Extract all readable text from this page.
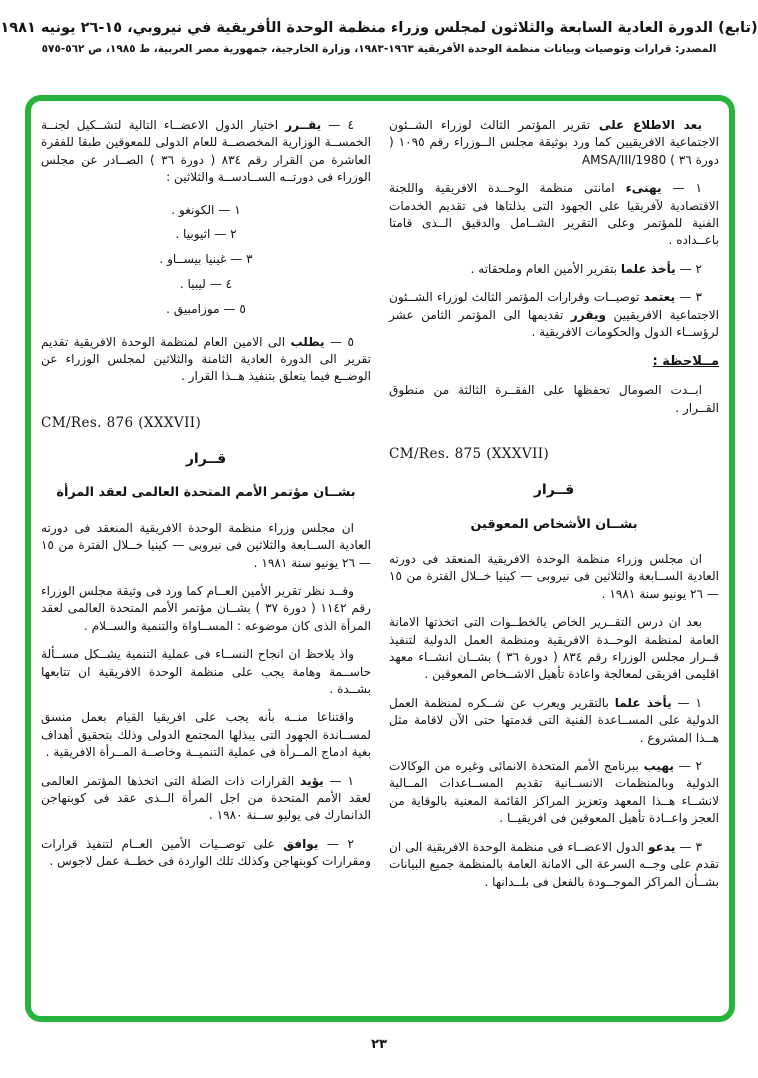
(تابع) الدورة العادية السابعة والثلاثون لمجلس وزراء منظمة الوحدة الأفريقية في نيروبي، ١٥-٢٦ يونيه ١٩٨١
المصدر: قرارات وتوصيات وبيانات منظمة الوحدة الأفريقية ١٩٦٣-١٩٨٣، وزارة الخارجية، جمهورية مصر العربية، ط ١٩٨٥، ص ٥٦٢-٥٧٥
بعد الاطلاع على تقرير المؤتمر الثالث لوزراء الشــئون الاجتماعية الافريقيين كما ورد بوثيقة مجلس الــوزراء رقم ١٠٩٥ ( دورة ٣٦ ) AMSA/III/1980
١ — يهنىء امانتى منظمة الوحــدة الافريقية واللجنة الاقتصادية لآفريقيا على الجهود التى بذلتاها فى تقديم الخدمات الفنية للمؤتمر وعلى التقرير الشــامل والدقيق الــذى قامتا باعــداده .
٢ — يأخذ علما بتقرير الأمين العام وملحقاته .
٣ — يعتمد توصيــات وقرارات المؤتمر الثالث لوزراء الشــئون الاجتماعية الافريقيين ويقرر تقديمها الى المؤتمر الثامن عشر لرؤســاء الدول والحكومات الافريقية .
مــلاحظة :
ابــدت الصومال تحفظها على الفقــرة الثالثة من منطوق القــرار .
CM/Res. 875 (XXXVII)
قــرار
بشــان الأشخاص المعوقين
ان مجلس وزراء منظمة الوحدة الافريقية المنعقد فى دورته العادية الســابعة والثلاثين فى نيروبى — كينيا خــلال الفترة من ١٥ — ٢٦ يونيو سنة ١٩٨١ .
بعد ان درس التقــرير الخاص بالخطــوات التى اتخذتها الامانة العامة لمنظمة الوحــدة الافريقية ومنظمة العمل الدولية لتنفيذ قــرار مجلس الوزراء رقم ٨٣٤ ( دورة ٣٦ ) بشــان انشــاء معهد اقليمى افريقى لمعالجة واعادة تأهيل الاشــخاص المعوقين .
١ — يأخذ علما بالتقرير ويعرب عن شــكره لمنظمة العمل الدولية على المســاعدة الفنية التى قدمتها حتى الآن لاقامة مثل هــذا المشروع .
٢ — يهيب ببرنامج الأمم المتحدة الانمائى وغيره من الوكالات الدولية وبالمنظمات الانســانية تقديم المســاعدات المــالية لانشــاء هــذا المعهد وتعزيز المراكز القائمة المعنية بالوقاية من العجز واعــادة تأهيل المعوقين فى افريقيــا .
٣ — يدعو الدول الاعضــاء فى منظمة الوحدة الافريقية الى ان تقدم على وجــه السرعة الى الامانة العامة بالمنظمة جميع البيانات بشــأن المراكز الموجــودة بالفعل فى بلــدانها .
٤ — يقــرر اختيار الدول الاعضــاء التالية لتشــكيل لجنــة الخمســة الوزارية المخصصــة للعام الدولى للمعوقين طبقا للفقرة العاشرة من القرار رقم ٨٣٤ ( دورة ٣٦ ) الصــادر عن مجلس الوزراء فى دورتــه الســادســة والثلاثين :
١ — الكونغو .
٢ — اثيوبيا .
٣ — غينيا بيســاو .
٤ — ليبيا .
٥ — موزامبيق .
٥ — يطلب الى الامين العام لمنظمة الوحدة الافريقية تقديم تقرير الى الدورة العادية الثامنة والثلاثين لمجلس الوزراء عن الوضــع فيما يتعلق بتنفيذ هــذا القرار .
CM/Res. 876 (XXXVII)
قــرار
بشــان مؤتمر الأمم المتحدة العالمى لعقد المرأة
ان مجلس وزراء منظمة الوحدة الافريقية المنعقد فى دورته العادية الســابعة والثلاثين فى نيروبى — كينيا خــلال الفترة من ١٥ — ٢٦ يونيو سنة ١٩٨١ .
وقــد نظر تقرير الأمين العــام كما ورد فى وثيقة مجلس الوزراء رقم ١١٤٢ ( دورة ٣٧ ) بشــان مؤتمر الأمم المتحدة العالمى لعقد المرأة الذى كان موضوعه : المســاواة والتنمية والســلام .
واذ يلاحظ ان انجاح النســاء فى عملية التنمية يشــكل مســألة حاســمة وهامة يجب على منظمة الوحدة الافريقية ان تتابعها بشــدة .
واقتناعا منــه بأنه يجب على افريقيا القيام بعمل منسق لمســاندة الجهود التى يبذلها المجتمع الدولى وذلك بتحقيق أهداف بغية ادماج المــرأة فى عملية التنميــة وخاصــة المــرأة الافريقية .
١ — يؤيد القرارات ذات الصلة التى اتخذها المؤتمر العالمى لعقد الأمم المتحدة من اجل المرأة الــذى عقد فى كوبنهاجن الدانمارك فى يوليو ســنة ١٩٨٠ .
٢ — يوافق على توصــيات الأمين العــام لتنفيذ قرارات ومقرارات كوبنهاجن وكذلك تلك الواردة فى خطــة عمل لاجوس .
٢٣
